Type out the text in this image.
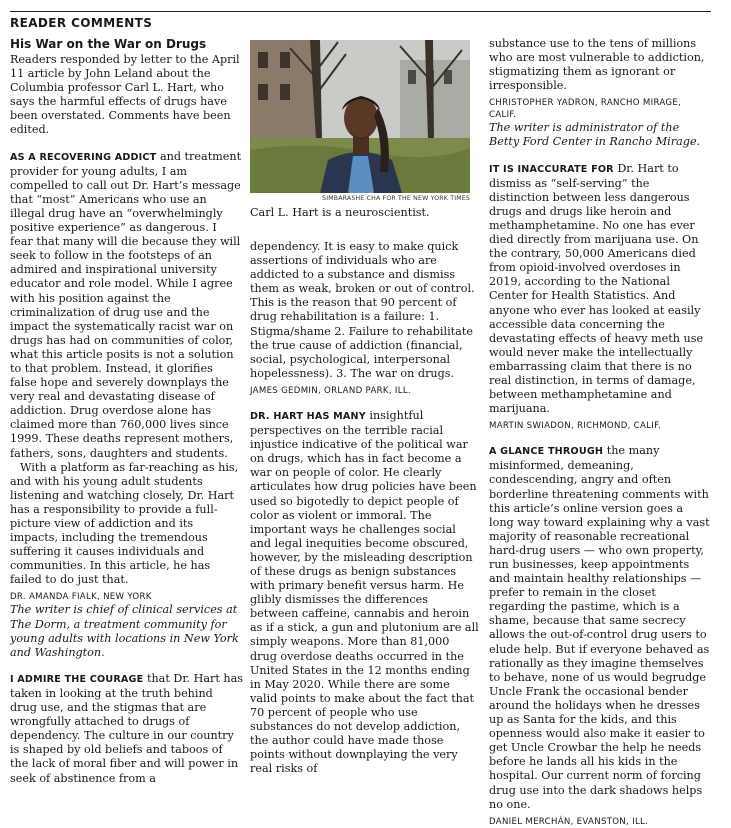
READER COMMENTS
His War on the War on Drugs

Readers responded by letter to the April 11 article by John Leland about the Columbia professor Carl L. Hart, who says the harmful effects of drugs have been overstated. Comments have been edited.

AS A RECOVERING ADDICT and treatment provider for young adults, I am compelled to call out Dr. Hart’s message that “most” Americans who use an illegal drug have an “overwhelmingly positive experience” as dangerous. I fear that many will die because they will seek to follow in the footsteps of an admired and inspirational university educator and role model. While I agree with his position against the criminalization of drug use and the impact the systematically racist war on drugs has had on communities of color, what this article posits is not a solution to that problem. Instead, it glorifies false hope and severely downplays the very real and devastating disease of addiction. Drug overdose alone has claimed more than 760,000 lives since 1999. These deaths represent mothers, fathers, sons, daughters and students.

With a platform as far-reaching as his, and with his young adult students listening and watching closely, Dr. Hart has a responsibility to provide a full-picture view of addiction and its impacts, including the tremendous suffering it causes individuals and communities. In this article, he has failed to do just that.

DR. AMANDA FIALK, NEW YORK

The writer is chief of clinical services at The Dorm, a treatment community for young adults with locations in New York and Washington.

I ADMIRE THE COURAGE that Dr. Hart has taken in looking at the truth behind drug use, and the stigmas that are wrongfully attached to drugs of dependency. The culture in our country is shaped by old beliefs and taboos of the lack of moral fiber and will power in seek of abstinence from a

SIMBARASHE CHA FOR THE NEW YORK TIMES
Carl L. Hart is a neuroscientist.

dependency. It is easy to make quick assertions of individuals who are addicted to a substance and dismiss them as weak, broken or out of control. This is the reason that 90 percent of drug rehabilitation is a failure: 1. Stigma/shame 2. Failure to rehabilitate the true cause of addiction (financial, social, psychological, interpersonal hopelessness). 3. The war on drugs.

JAMES GEDMIN, ORLAND PARK, ILL.

DR. HART HAS MANY insightful perspectives on the terrible racial injustice indicative of the political war on drugs, which has in fact become a war on people of color. He clearly articulates how drug policies have been used so bigotedly to depict people of color as violent or immoral. The important ways he challenges social and legal inequities become obscured, however, by the misleading description of these drugs as benign substances with primary benefit versus harm. He glibly dismisses the differences between caffeine, cannabis and heroin as if a stick, a gun and plutonium are all simply weapons. More than 81,000 drug overdose deaths occurred in the United States in the 12 months ending in May 2020. While there are some valid points to make about the fact that 70 percent of people who use substances do not develop addiction, the author could have made those points without downplaying the very real risks of

substance use to the tens of millions who are most vulnerable to addiction, stigmatizing them as ignorant or irresponsible.

CHRISTOPHER YADRON, RANCHO MIRAGE, CALIF.

The writer is administrator of the Betty Ford Center in Rancho Mirage.

IT IS INACCURATE FOR Dr. Hart to dismiss as “self-serving” the distinction between less dangerous drugs and drugs like heroin and methamphetamine. No one has ever died directly from marijuana use. On the contrary, 50,000 Americans died from opioid-involved overdoses in 2019, according to the National Center for Health Statistics. And anyone who ever has looked at easily accessible data concerning the devastating effects of heavy meth use would never make the intellectually embarrassing claim that there is no real distinction, in terms of damage, between methamphetamine and marijuana.

MARTIN SWIADON, RICHMOND, CALIF.

A GLANCE THROUGH the many misinformed, demeaning, condescending, angry and often borderline threatening comments with this article’s online version goes a long way toward explaining why a vast majority of reasonable recreational hard-drug users — who own property, run businesses, keep appointments and maintain healthy relationships — prefer to remain in the closet regarding the pastime, which is a shame, because that same secrecy allows the out-of-control drug users to elude help. But if everyone behaved as rationally as they imagine themselves to behave, none of us would begrudge Uncle Frank the occasional bender around the holidays when he dresses up as Santa for the kids, and this openness would also make it easier to get Uncle Crowbar the help he needs before he lands all his kids in the hospital. Our current norm of forcing drug use into the dark shadows helps no one.

DANIEL MERCHÁN, EVANSTON, ILL.
